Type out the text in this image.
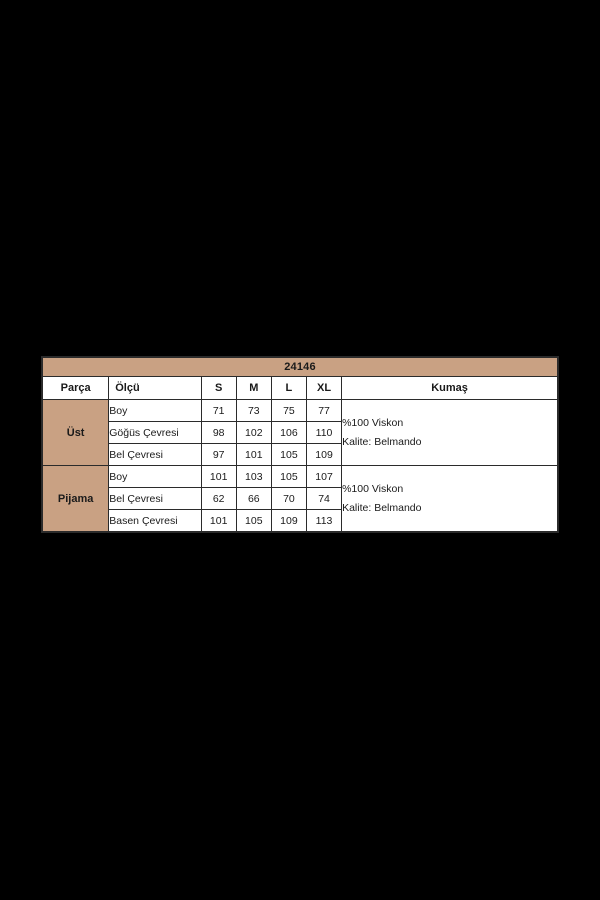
24146						
Parça	Ölçü	S	M	L	XL	Kumaş
Üst	Boy	71	73	75	77	%100 Viskon
Kalite: Belmando

	Göğüs Çevresi	98	102	106	110	
	Bel Çevresi	97	101	105	109	
Pijama	Boy	101	103	105	107	%100 Viskon
Kalite: Belmando

	Bel Çevresi	62	66	70	74	
	Basen Çevresi	101	105	109	113	
